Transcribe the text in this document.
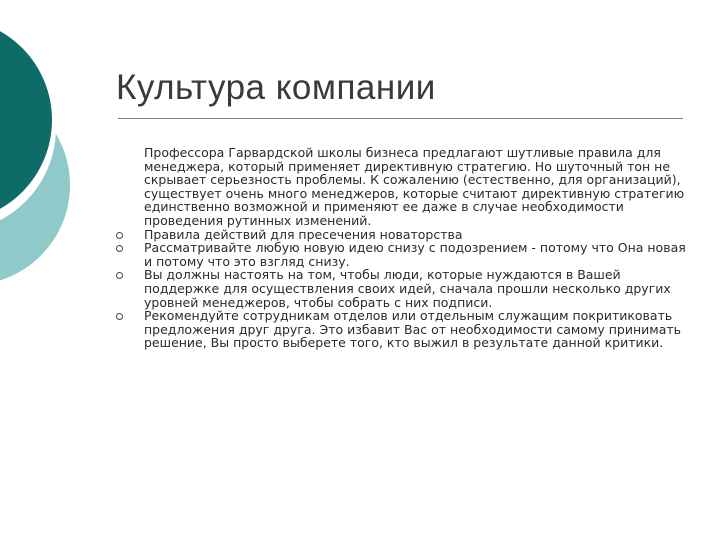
Культура компании

Профессора Гарвардской школы бизнеса предлагают шутливые правила для менеджера, который применяет директивную стратегию. Но шуточный тон не скрывает серьезность проблемы. К сожалению (естественно, для организаций), существует очень много менеджеров, которые считают директивную стратегию единственно возможной и применяют ее даже в случае необходимости проведения рутинных изменений.

Правила действий для пресечения новаторства
Рассматривайте любую новую идею снизу с подозрением - потому что Она новая и потому что это взгляд снизу.
Вы должны настоять на том, чтобы люди, которые нуждаются в Вашей поддержке для осуществления своих идей, сначала прошли несколько других уровней менеджеров, чтобы собрать с них подписи.
Рекомендуйте сотрудникам отделов или отдельным служащим покритиковать предложения друг друга. Это избавит Вас от необходимости самому принимать решение, Вы просто выберете того, кто выжил в результате данной критики.
